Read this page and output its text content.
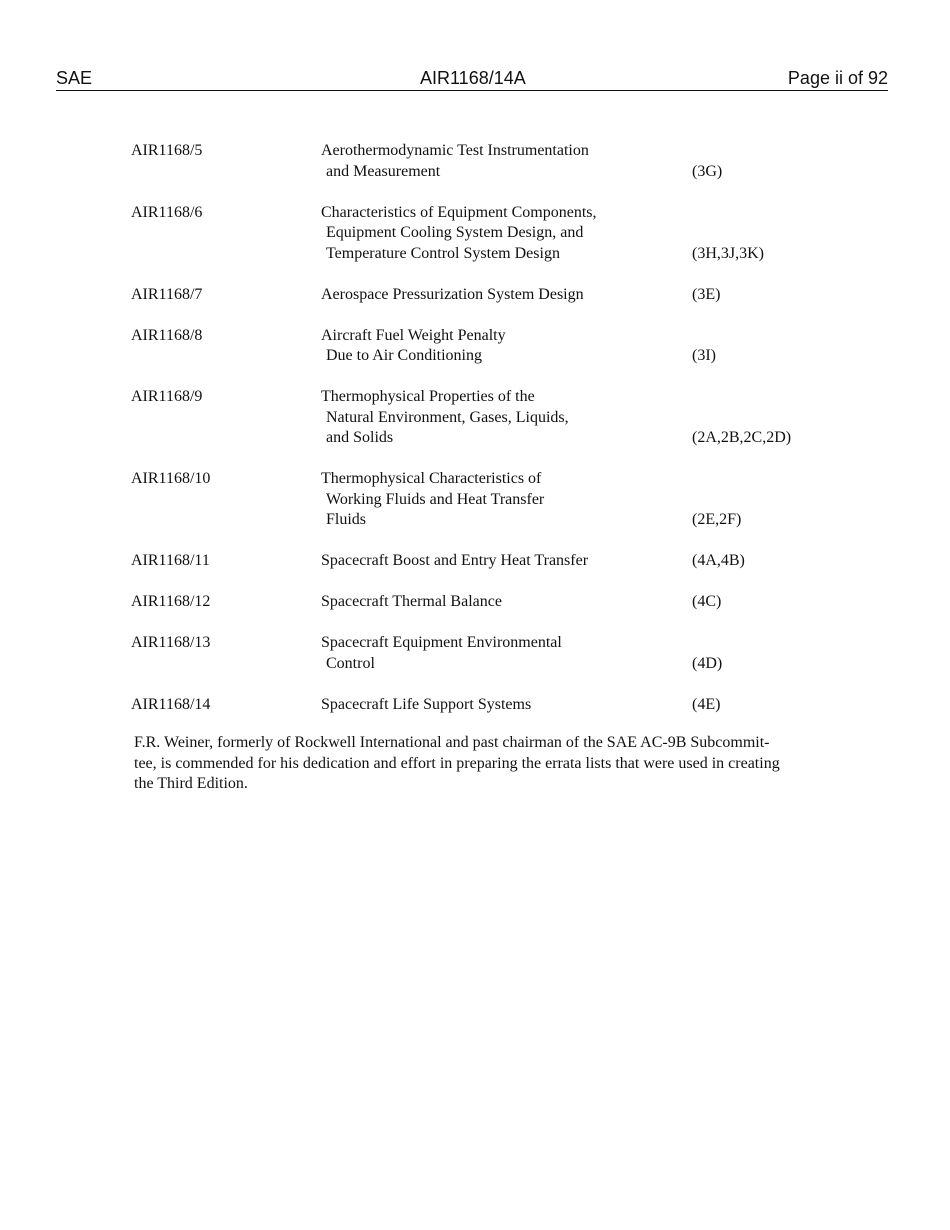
SAE	AIR1168/14A	Page ii of 92
AIR1168/5	Aerothermodynamic Test Instrumentation
and Measurement	(3G)
AIR1168/6	Characteristics of Equipment Components,
Equipment Cooling System Design, and
Temperature Control System Design	(3H,3J,3K)
AIR1168/7	Aerospace Pressurization System Design	(3E)
AIR1168/8	Aircraft Fuel Weight Penalty
Due to Air Conditioning	(3I)
AIR1168/9	Thermophysical Properties of the
Natural Environment, Gases, Liquids,
and Solids	(2A,2B,2C,2D)
AIR1168/10	Thermophysical Characteristics of
Working Fluids and Heat Transfer
Fluids	(2E,2F)
AIR1168/11	Spacecraft Boost and Entry Heat Transfer	(4A,4B)
AIR1168/12	Spacecraft Thermal Balance	(4C)
AIR1168/13	Spacecraft Equipment Environmental
Control	(4D)
AIR1168/14	Spacecraft Life Support Systems	(4E)
F.R. Weiner, formerly of Rockwell International and past chairman of the SAE AC-9B Subcommit-
tee, is commended for his dedication and effort in preparing the errata lists that were used in creating
the Third Edition.
